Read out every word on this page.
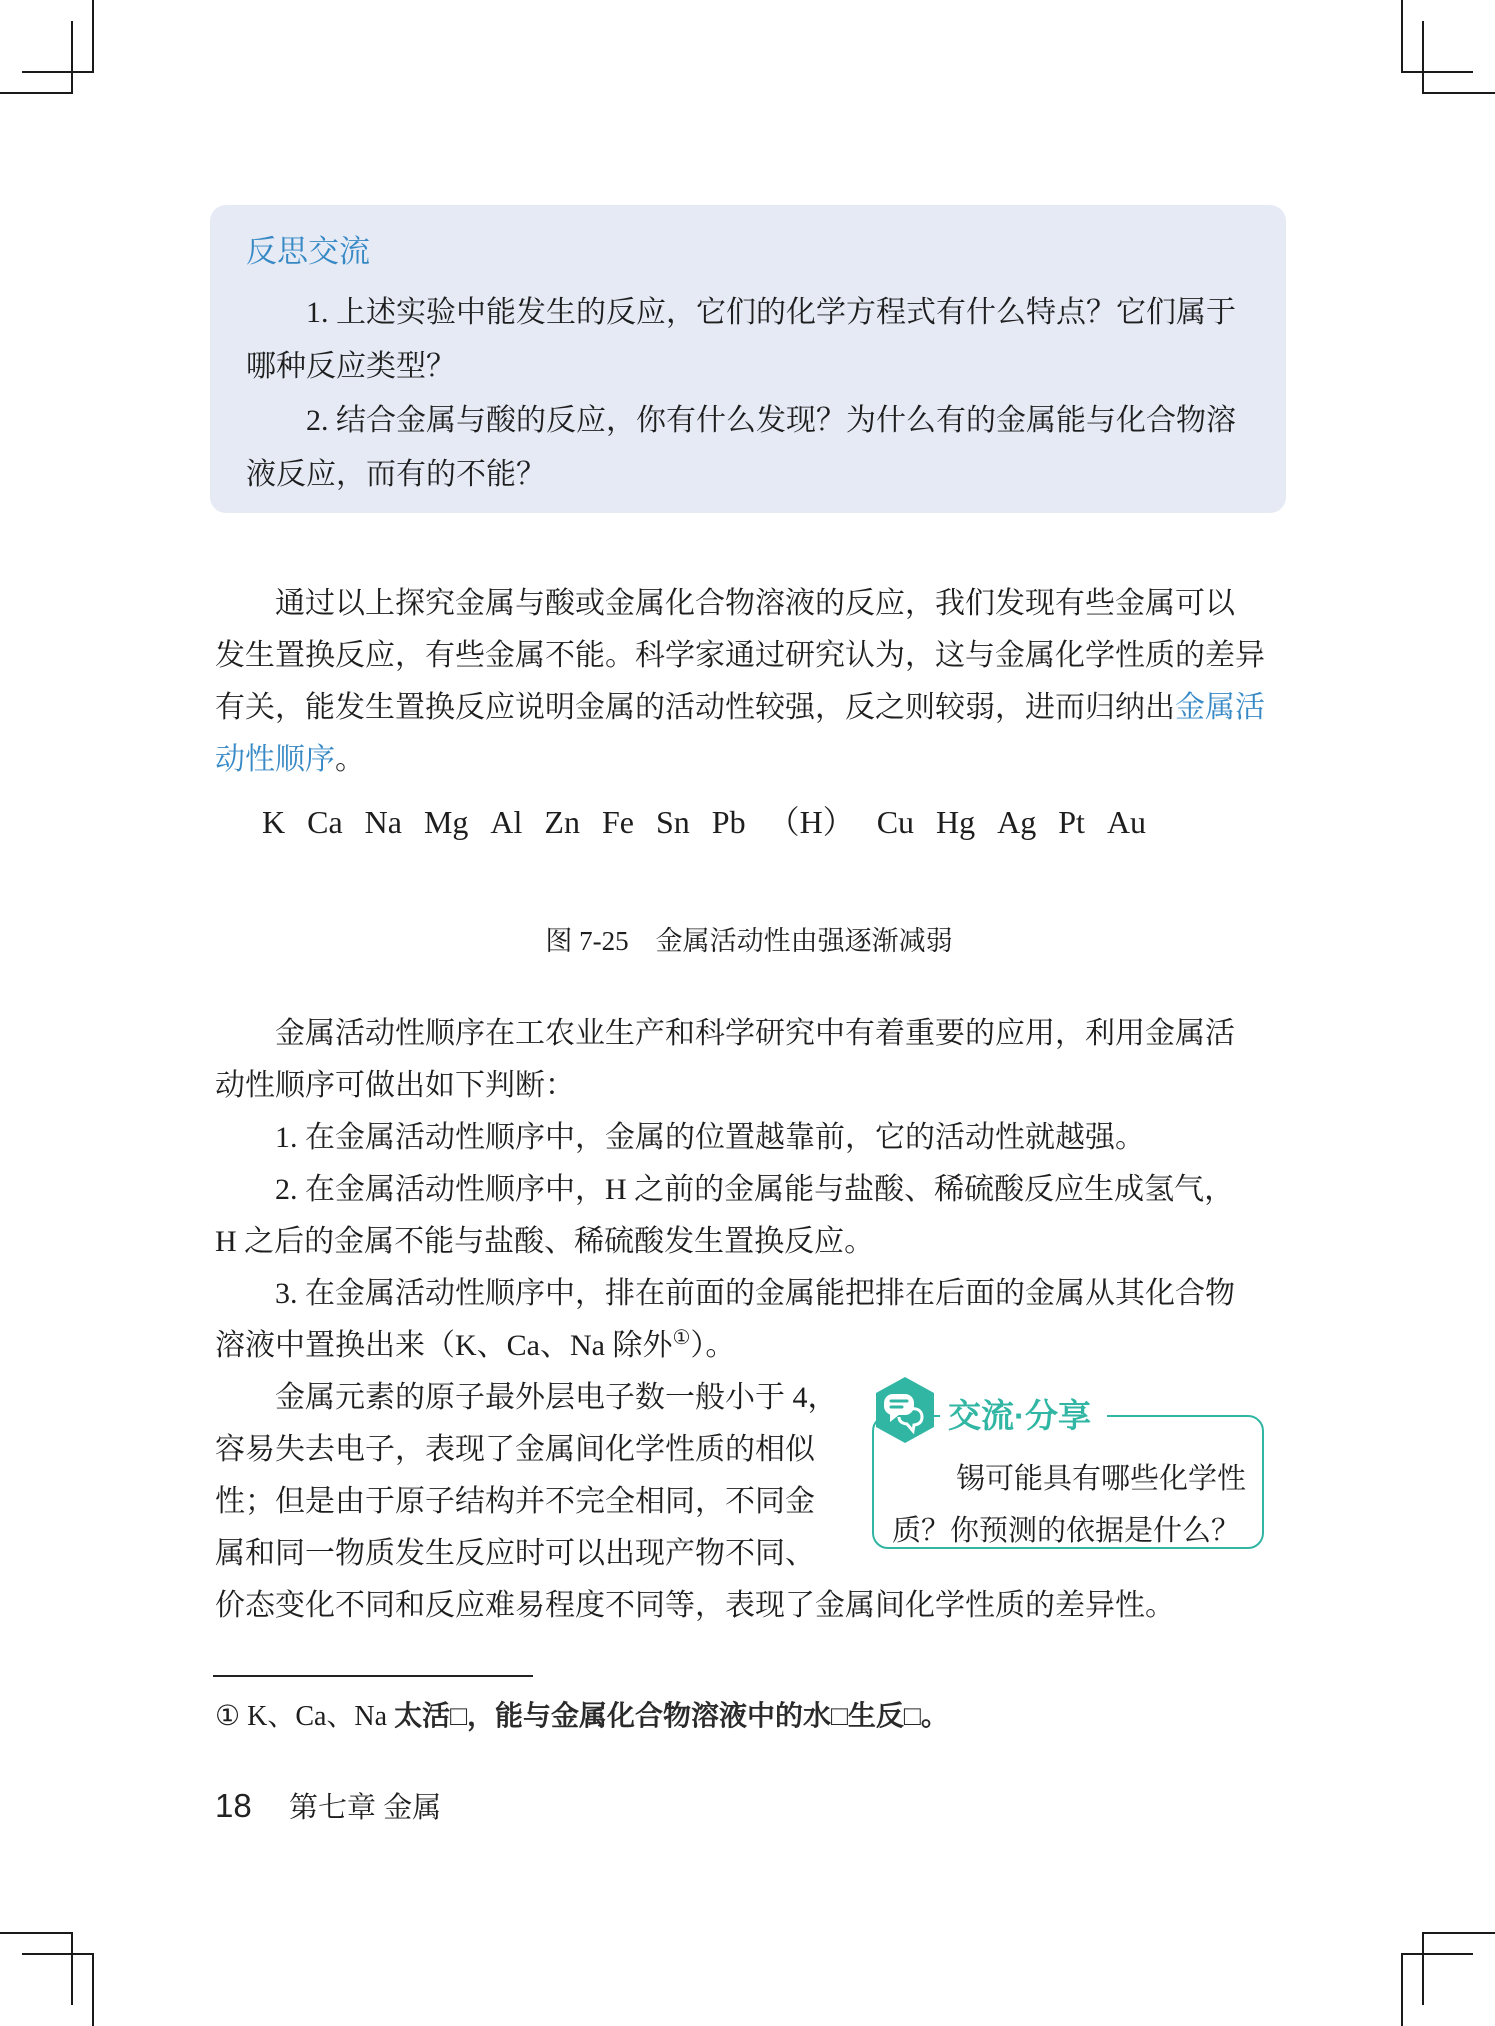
反思交流
1. 上述实验中能发生的反应，它们的化学方程式有什么特点？它们属于
哪种反应类型？
2. 结合金属与酸的反应，你有什么发现？为什么有的金属能与化合物溶
液反应，而有的不能？
通过以上探究金属与酸或金属化合物溶液的反应，我们发现有些金属可以
发生置换反应，有些金属不能。科学家通过研究认为，这与金属化学性质的差异
有关，能发生置换反应说明金属的活动性较强，反之则较弱，进而归纳出金属活
动性顺序。
K Ca Na Mg Al Zn Fe Sn Pb （H） Cu Hg Ag Pt Au
图 7-25　金属活动性由强逐渐减弱
金属活动性顺序在工农业生产和科学研究中有着重要的应用，利用金属活
动性顺序可做出如下判断：
1. 在金属活动性顺序中，金属的位置越靠前，它的活动性就越强。
2. 在金属活动性顺序中，H 之前的金属能与盐酸、稀硫酸反应生成氢气，
H 之后的金属不能与盐酸、稀硫酸发生置换反应。
3. 在金属活动性顺序中，排在前面的金属能把排在后面的金属从其化合物
溶液中置换出来（K、Ca、Na 除外①）。
金属元素的原子最外层电子数一般小于 4，
容易失去电子，表现了金属间化学性质的相似
性；但是由于原子结构并不完全相同，不同金
属和同一物质发生反应时可以出现产物不同、
价态变化不同和反应难易程度不同等，表现了金属间化学性质的差异性。
交流·分享
锡可能具有哪些化学性
质？你预测的依据是什么？
① K、Ca、Na 太活□，能与金属化合物溶液中的水□生反□。
18 第七章 金属
